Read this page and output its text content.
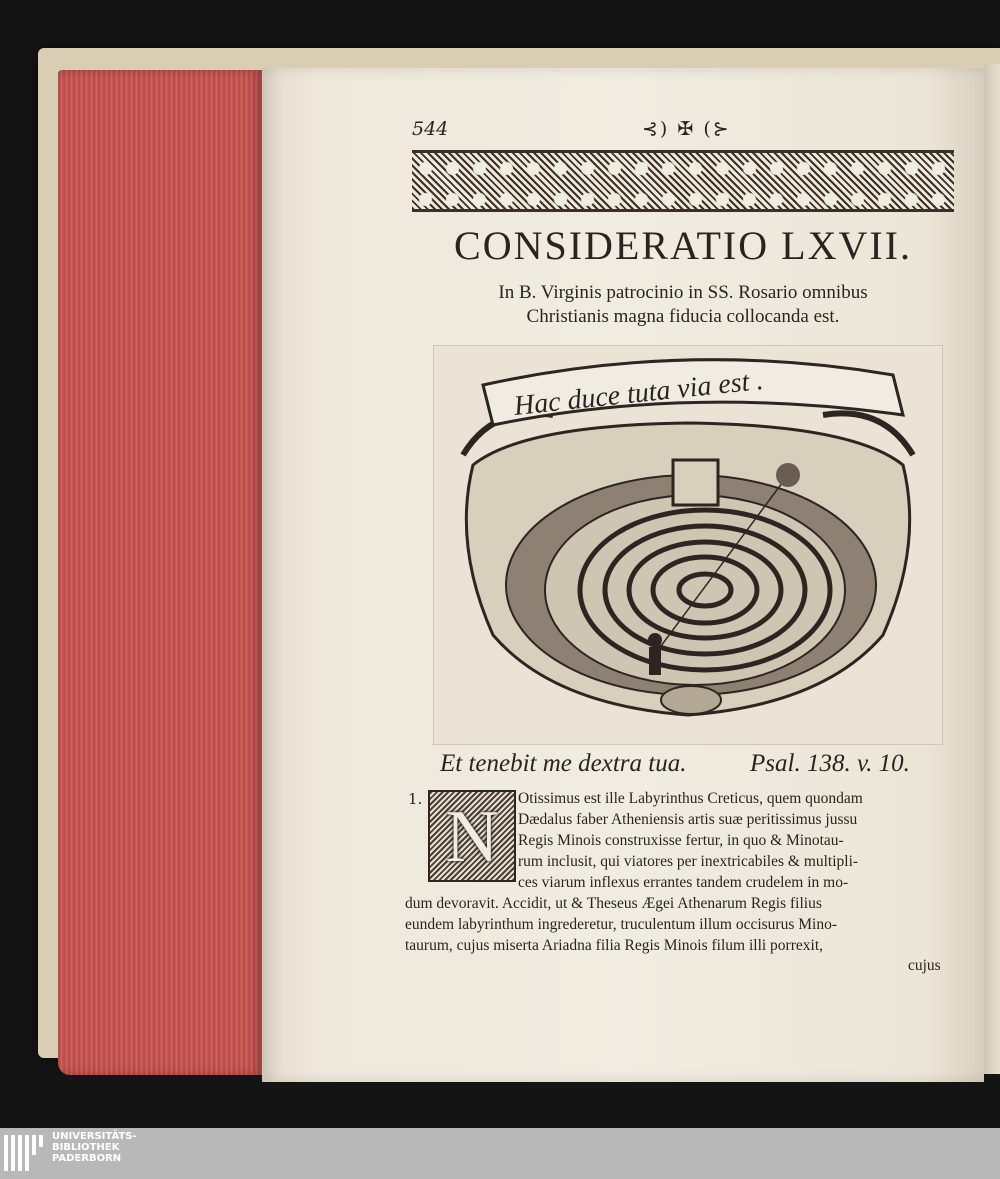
544	⊰) ✠ (⊱
CONSIDERATIO LXVII.
In B. Virginis patrocinio in SS. Rosario omnibus
Christianis magna fiducia collocanda est.
Hac duce tuta via est .
Et tenebit me dextra tua.	Psal. 138. v. 10.
1. N	Otissimus est ille Labyrinthus Creticus, quem quondam
Dædalus faber Atheniensis artis suæ peritissimus jussu
Regis Minois construxisse fertur, in quo & Minotau-
rum inclusit, qui viatores per inextricabiles & multipli-
ces viarum inflexus errantes tandem crudelem in mo-
dum devoravit. Accidit, ut & Theseus Ægei Athenarum Regis filius
eundem labyrinthum ingrederetur, truculentum illum occisurus Mino-
taurum, cujus miserta Ariadna filia Regis Minois filum illi porrexit,
cujus
UNIVERSITÄTS-
BIBLIOTHEK
PADERBORN
